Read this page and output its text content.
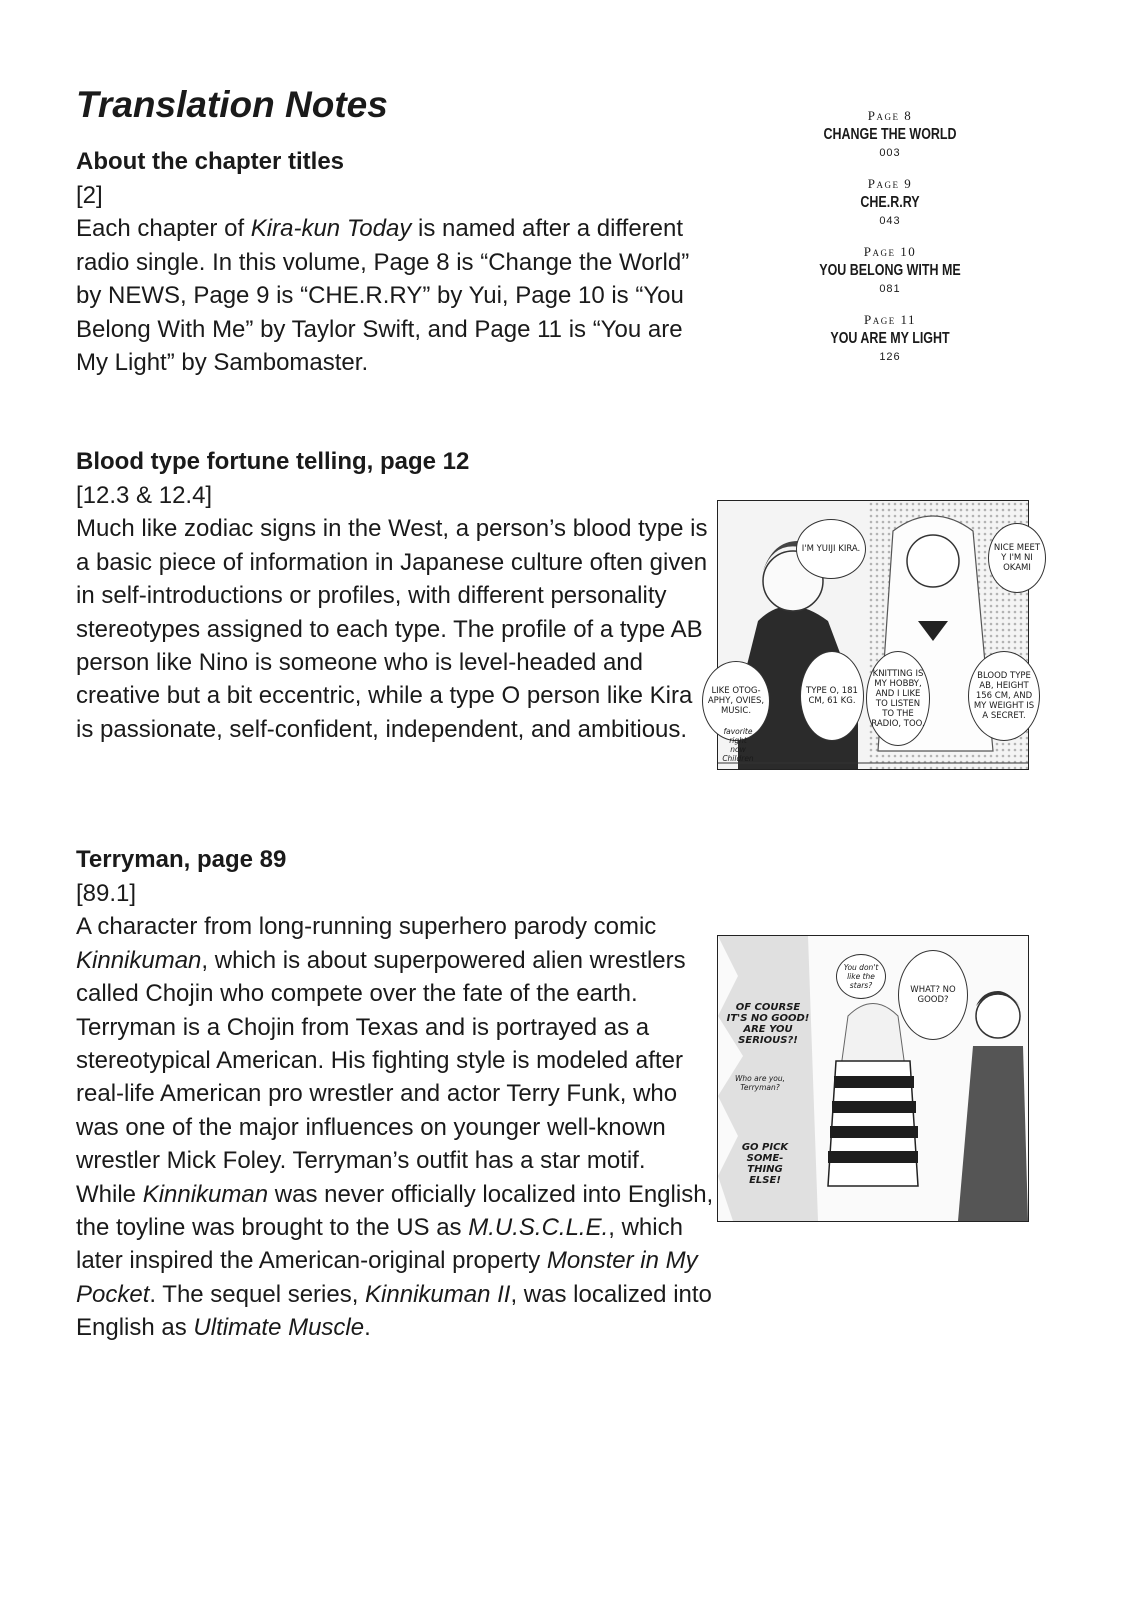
Translation Notes

About the chapter titles

[2]
Each chapter of Kira-kun Today is named after a different radio single. In this volume, Page 8 is “Change the World” by NEWS, Page 9 is “CHE.R.RY” by Yui, Page 10 is “You Belong With Me” by Taylor Swift, and Page 11 is “You are My Light” by Sambomaster.

Page 8
CHANGE THE WORLD
003
Page 9
CHE.R.RY
043
Page 10
YOU BELONG WITH ME
081
Page 11
YOU ARE MY LIGHT
126

Blood type fortune telling, page 12

[12.3 & 12.4]
Much like zodiac signs in the West, a person’s blood type is a basic piece of information in Japanese culture often given in self-introductions or profiles, with different personality stereotypes assigned to each type. The profile of a type AB person like Nino is someone who is level-headed and creative but a bit eccentric, while a type O person like Kira is passionate, self-confident, independent, and ambitious.

I'M YUIJI KIRA.	NICE MEET Y I'M NI OKAMI
LIKE OTOG- APHY, OVIES, MUSIC.
favorite right now Children
TYPE O, 181 CM, 61 KG.
KNITTING IS MY HOBBY, AND I LIKE TO LISTEN TO THE RADIO, TOO.
BLOOD TYPE AB, HEIGHT 156 CM, AND MY WEIGHT IS A SECRET.

Terryman, page 89

[89.1]
A character from long-running superhero parody comic Kinnikuman, which is about superpowered alien wrestlers called Chojin who compete over the fate of the earth. Terryman is a Chojin from Texas and is portrayed as a stereotypical American. His fighting style is modeled after real-life American pro wrestler and actor Terry Funk, who was one of the major influences on younger well-known wrestler Mick Foley. Terryman’s outfit has a star motif.

While Kinnikuman was never officially localized into English, the toyline was brought to the US as M.U.S.C.L.E., which later inspired the American-original property Monster in My Pocket. The sequel series, Kinnikuman II, was localized into English as Ultimate Muscle.

You don't like the stars?	WHAT? NO GOOD?
OF COURSE IT'S NO GOOD! ARE YOU SERIOUS?!
Who are you, Terryman?
GO PICK SOME- THING ELSE!
